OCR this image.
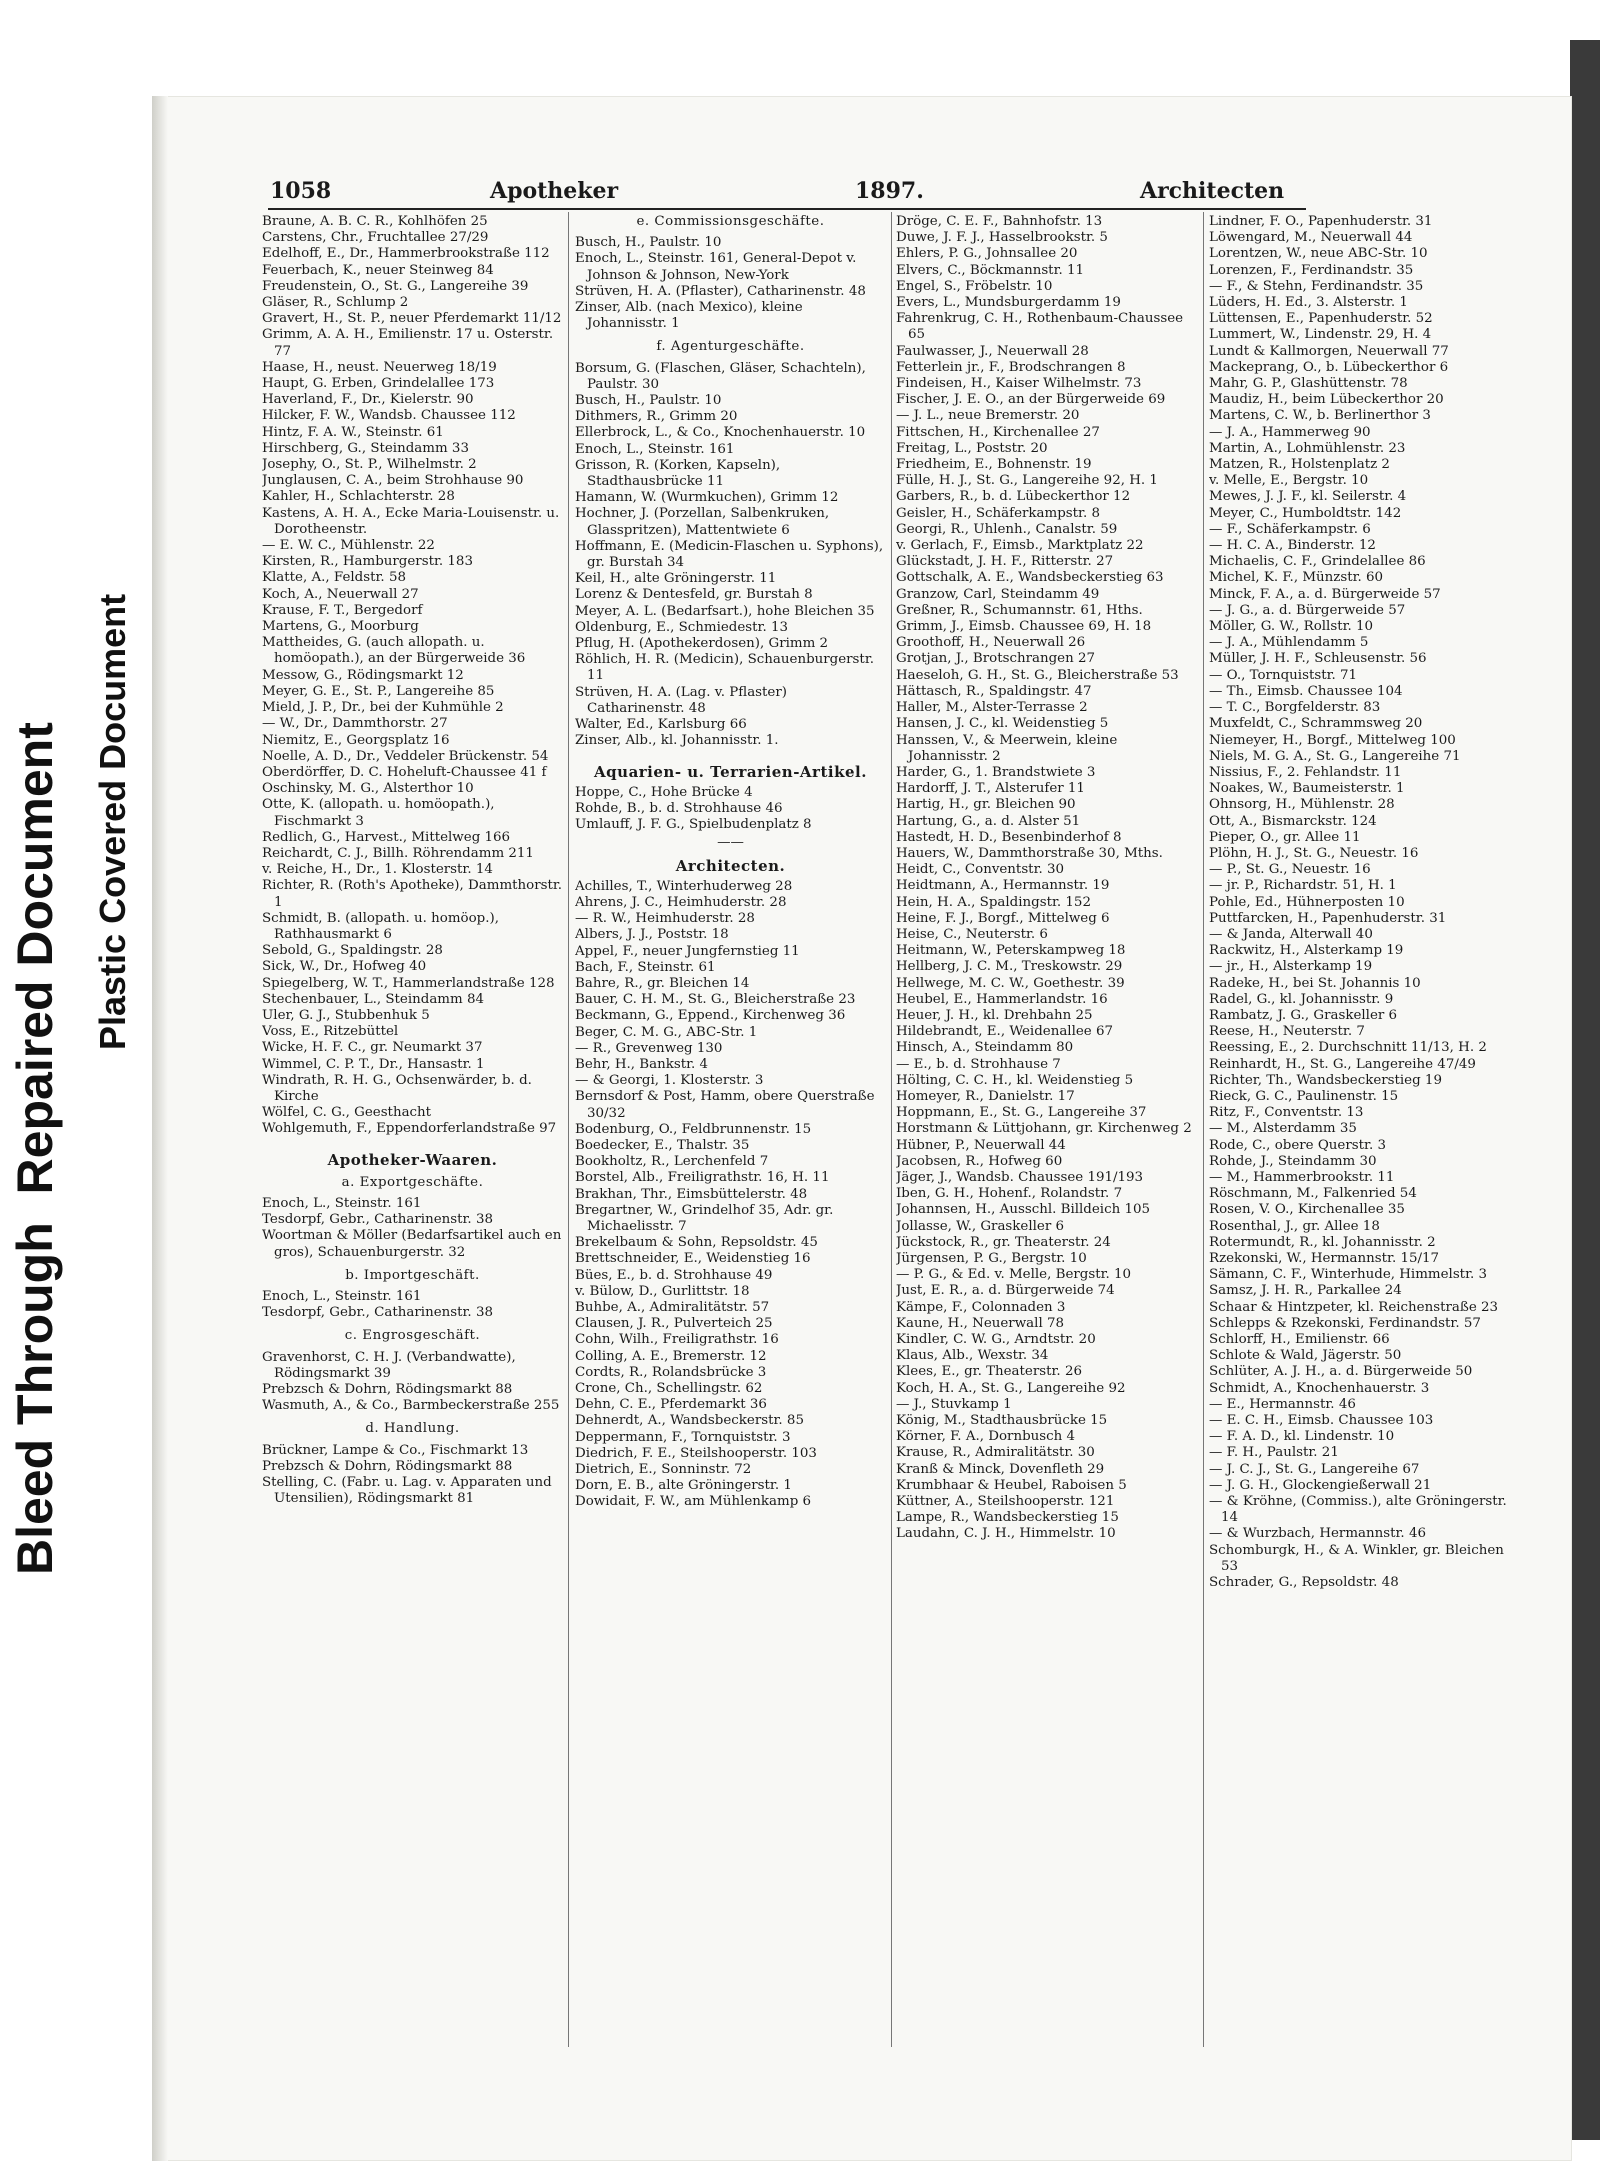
Bleed Through  Repaired Document Plastic Covered Document
1058	Apotheker	1897.	Architecten

Braune, A. B. C. R., Kohlhöfen 25

Carstens, Chr., Fruchtallee 27/29

Edelhoff, E., Dr., Hammerbrookstraße 112

Feuerbach, K., neuer Steinweg 84

Freudenstein, O., St. G., Langereihe 39

Gläser, R., Schlump 2

Gravert, H., St. P., neuer Pferdemarkt 11/12

Grimm, A. A. H., Emilienstr. 17 u. Osterstr. 77

Haase, H., neust. Neuerweg 18/19

Haupt, G. Erben, Grindelallee 173

Haverland, F., Dr., Kielerstr. 90

Hilcker, F. W., Wandsb. Chaussee 112

Hintz, F. A. W., Steinstr. 61

Hirschberg, G., Steindamm 33

Josephy, O., St. P., Wilhelmstr. 2

Junglausen, C. A., beim Strohhause 90

Kahler, H., Schlachterstr. 28

Kastens, A. H. A., Ecke Maria-Louisenstr. u. Dorotheenstr.

— E. W. C., Mühlenstr. 22

Kirsten, R., Hamburgerstr. 183

Klatte, A., Feldstr. 58

Koch, A., Neuerwall 27

Krause, F. T., Bergedorf

Martens, G., Moorburg

Mattheides, G. (auch allopath. u. homöopath.), an der Bürgerweide 36

Messow, G., Rödingsmarkt 12

Meyer, G. E., St. P., Langereihe 85

Mield, J. P., Dr., bei der Kuhmühle 2

— W., Dr., Dammthorstr. 27

Niemitz, E., Georgsplatz 16

Noelle, A. D., Dr., Veddeler Brückenstr. 54

Oberdörffer, D. C. Hoheluft-Chaussee 41 f

Oschinsky, M. G., Alsterthor 10

Otte, K. (allopath. u. homöopath.), Fischmarkt 3

Redlich, G., Harvest., Mittelweg 166

Reichardt, C. J., Billh. Röhrendamm 211

v. Reiche, H., Dr., 1. Klosterstr. 14

Richter, R. (Roth's Apotheke), Dammthorstr. 1

Schmidt, B. (allopath. u. homöop.), Rathhausmarkt 6

Sebold, G., Spaldingstr. 28

Sick, W., Dr., Hofweg 40

Spiegelberg, W. T., Hammerlandstraße 128

Stechenbauer, L., Steindamm 84

Uler, G. J., Stubbenhuk 5

Voss, E., Ritzebüttel

Wicke, H. F. C., gr. Neumarkt 37

Wimmel, C. P. T., Dr., Hansastr. 1

Windrath, R. H. G., Ochsenwärder, b. d. Kirche

Wölfel, C. G., Geesthacht

Wohlgemuth, F., Eppendorferlandstraße 97

Apotheker-Waaren.
a. Exportgeschäfte.

Enoch, L., Steinstr. 161

Tesdorpf, Gebr., Catharinenstr. 38

Woortman & Möller (Bedarfsartikel auch en gros), Schauenburgerstr. 32

b. Importgeschäft.

Enoch, L., Steinstr. 161

Tesdorpf, Gebr., Catharinenstr. 38

c. Engrosgeschäft.

Gravenhorst, C. H. J. (Verbandwatte), Rödingsmarkt 39

Prebzsch & Dohrn, Rödingsmarkt 88

Wasmuth, A., & Co., Barmbeckerstraße 255

d. Handlung.

Brückner, Lampe & Co., Fischmarkt 13

Prebzsch & Dohrn, Rödingsmarkt 88

Stelling, C. (Fabr. u. Lag. v. Apparaten und Utensilien), Rödingsmarkt 81

e. Commissionsgeschäfte.

Busch, H., Paulstr. 10

Enoch, L., Steinstr. 161, General-Depot v. Johnson & Johnson, New-York

Strüven, H. A. (Pflaster), Catharinenstr. 48

Zinser, Alb. (nach Mexico), kleine Johannisstr. 1

f. Agenturgeschäfte.

Borsum, G. (Flaschen, Gläser, Schachteln), Paulstr. 30

Busch, H., Paulstr. 10

Dithmers, R., Grimm 20

Ellerbrock, L., & Co., Knochenhauerstr. 10

Enoch, L., Steinstr. 161

Grisson, R. (Korken, Kapseln), Stadthausbrücke 11

Hamann, W. (Wurmkuchen), Grimm 12

Hochner, J. (Porzellan, Salbenkruken, Glasspritzen), Mattentwiete 6

Hoffmann, E. (Medicin-Flaschen u. Syphons), gr. Burstah 34

Keil, H., alte Gröningerstr. 11

Lorenz & Dentesfeld, gr. Burstah 8

Meyer, A. L. (Bedarfsart.), hohe Bleichen 35

Oldenburg, E., Schmiedestr. 13

Pflug, H. (Apothekerdosen), Grimm 2

Röhlich, H. R. (Medicin), Schauenburgerstr. 11

Strüven, H. A. (Lag. v. Pflaster) Catharinenstr. 48

Walter, Ed., Karlsburg 66

Zinser, Alb., kl. Johannisstr. 1.

Aquarien- u. Terrarien-Artikel.

Hoppe, C., Hohe Brücke 4

Rohde, B., b. d. Strohhause 46

Umlauff, J. F. G., Spielbudenplatz 8

——
Architecten.

Achilles, T., Winterhuderweg 28

Ahrens, J. C., Heimhuderstr. 28

— R. W., Heimhuderstr. 28

Albers, J. J., Poststr. 18

Appel, F., neuer Jungfernstieg 11

Bach, F., Steinstr. 61

Bahre, R., gr. Bleichen 14

Bauer, C. H. M., St. G., Bleicherstraße 23

Beckmann, G., Eppend., Kirchenweg 36

Beger, C. M. G., ABC-Str. 1

— R., Grevenweg 130

Behr, H., Bankstr. 4

— & Georgi, 1. Klosterstr. 3

Bernsdorf & Post, Hamm, obere Querstraße 30/32

Bodenburg, O., Feldbrunnenstr. 15

Boedecker, E., Thalstr. 35

Bookholtz, R., Lerchenfeld 7

Borstel, Alb., Freiligrathstr. 16, H. 11

Brakhan, Thr., Eimsbüttelerstr. 48

Bregartner, W., Grindelhof 35, Adr. gr. Michaelisstr. 7

Brekelbaum & Sohn, Repsoldstr. 45

Brettschneider, E., Weidenstieg 16

Bües, E., b. d. Strohhause 49

v. Bülow, D., Gurlittstr. 18

Buhbe, A., Admiralitätstr. 57

Clausen, J. R., Pulverteich 25

Cohn, Wilh., Freiligrathstr. 16

Colling, A. E., Bremerstr. 12

Cordts, R., Rolandsbrücke 3

Crone, Ch., Schellingstr. 62

Dehn, C. E., Pferdemarkt 36

Dehnerdt, A., Wandsbeckerstr. 85

Deppermann, F., Tornquiststr. 3

Diedrich, F. E., Steilshooperstr. 103

Dietrich, E., Sonninstr. 72

Dorn, E. B., alte Gröningerstr. 1

Dowidait, F. W., am Mühlenkamp 6

Dröge, C. E. F., Bahnhofstr. 13

Duwe, J. F. J., Hasselbrookstr. 5

Ehlers, P. G., Johnsallee 20

Elvers, C., Böckmannstr. 11

Engel, S., Fröbelstr. 10

Evers, L., Mundsburgerdamm 19

Fahrenkrug, C. H., Rothenbaum-Chaussee 65

Faulwasser, J., Neuerwall 28

Fetterlein jr., F., Brodschrangen 8

Findeisen, H., Kaiser Wilhelmstr. 73

Fischer, J. E. O., an der Bürgerweide 69

— J. L., neue Bremerstr. 20

Fittschen, H., Kirchenallee 27

Freitag, L., Poststr. 20

Friedheim, E., Bohnenstr. 19

Fülle, H. J., St. G., Langereihe 92, H. 1

Garbers, R., b. d. Lübeckerthor 12

Geisler, H., Schäferkampstr. 8

Georgi, R., Uhlenh., Canalstr. 59

v. Gerlach, F., Eimsb., Marktplatz 22

Glückstadt, J. H. F., Ritterstr. 27

Gottschalk, A. E., Wandsbeckerstieg 63

Granzow, Carl, Steindamm 49

Greßner, R., Schumannstr. 61, Hths.

Grimm, J., Eimsb. Chaussee 69, H. 18

Groothoff, H., Neuerwall 26

Grotjan, J., Brotschrangen 27

Haeseloh, G. H., St. G., Bleicherstraße 53

Hättasch, R., Spaldingstr. 47

Haller, M., Alster-Terrasse 2

Hansen, J. C., kl. Weidenstieg 5

Hanssen, V., & Meerwein, kleine Johannisstr. 2

Harder, G., 1. Brandstwiete 3

Hardorff, J. T., Alsterufer 11

Hartig, H., gr. Bleichen 90

Hartung, G., a. d. Alster 51

Hastedt, H. D., Besenbinderhof 8

Hauers, W., Dammthorstraße 30, Mths.

Heidt, C., Conventstr. 30

Heidtmann, A., Hermannstr. 19

Hein, H. A., Spaldingstr. 152

Heine, F. J., Borgf., Mittelweg 6

Heise, C., Neuterstr. 6

Heitmann, W., Peterskampweg 18

Hellberg, J. C. M., Treskowstr. 29

Hellwege, M. C. W., Goethestr. 39

Heubel, E., Hammerlandstr. 16

Heuer, J. H., kl. Drehbahn 25

Hildebrandt, E., Weidenallee 67

Hinsch, A., Steindamm 80

— E., b. d. Strohhause 7

Hölting, C. C. H., kl. Weidenstieg 5

Homeyer, R., Danielstr. 17

Hoppmann, E., St. G., Langereihe 37

Horstmann & Lüttjohann, gr. Kirchenweg 2

Hübner, P., Neuerwall 44

Jacobsen, R., Hofweg 60

Jäger, J., Wandsb. Chaussee 191/193

Iben, G. H., Hohenf., Rolandstr. 7

Johannsen, H., Ausschl. Billdeich 105

Jollasse, W., Graskeller 6

Jückstock, R., gr. Theaterstr. 24

Jürgensen, P. G., Bergstr. 10

— P. G., & Ed. v. Melle, Bergstr. 10

Just, E. R., a. d. Bürgerweide 74

Kämpe, F., Colonnaden 3

Kaune, H., Neuerwall 78

Kindler, C. W. G., Arndtstr. 20

Klaus, Alb., Wexstr. 34

Klees, E., gr. Theaterstr. 26

Koch, H. A., St. G., Langereihe 92

— J., Stuvkamp 1

König, M., Stadthausbrücke 15

Körner, F. A., Dornbusch 4

Krause, R., Admiralitätstr. 30

Kranß & Minck, Dovenfleth 29

Krumbhaar & Heubel, Raboisen 5

Küttner, A., Steilshooperstr. 121

Lampe, R., Wandsbeckerstieg 15

Laudahn, C. J. H., Himmelstr. 10

Lindner, F. O., Papenhuderstr. 31

Löwengard, M., Neuerwall 44

Lorentzen, W., neue ABC-Str. 10

Lorenzen, F., Ferdinandstr. 35

— F., & Stehn, Ferdinandstr. 35

Lüders, H. Ed., 3. Alsterstr. 1

Lüttensen, E., Papenhuderstr. 52

Lummert, W., Lindenstr. 29, H. 4

Lundt & Kallmorgen, Neuerwall 77

Mackeprang, O., b. Lübeckerthor 6

Mahr, G. P., Glashüttenstr. 78

Maudiz, H., beim Lübeckerthor 20

Martens, C. W., b. Berlinerthor 3

— J. A., Hammerweg 90

Martin, A., Lohmühlenstr. 23

Matzen, R., Holstenplatz 2

v. Melle, E., Bergstr. 10

Mewes, J. J. F., kl. Seilerstr. 4

Meyer, C., Humboldtstr. 142

— F., Schäferkampstr. 6

— H. C. A., Binderstr. 12

Michaelis, C. F., Grindelallee 86

Michel, K. F., Münzstr. 60

Minck, F. A., a. d. Bürgerweide 57

— J. G., a. d. Bürgerweide 57

Möller, G. W., Rollstr. 10

— J. A., Mühlendamm 5

Müller, J. H. F., Schleusenstr. 56

— O., Tornquiststr. 71

— Th., Eimsb. Chaussee 104

— T. C., Borgfelderstr. 83

Muxfeldt, C., Schrammsweg 20

Niemeyer, H., Borgf., Mittelweg 100

Niels, M. G. A., St. G., Langereihe 71

Nissius, F., 2. Fehlandstr. 11

Noakes, W., Baumeisterstr. 1

Ohnsorg, H., Mühlenstr. 28

Ott, A., Bismarckstr. 124

Pieper, O., gr. Allee 11

Plöhn, H. J., St. G., Neuestr. 16

— P., St. G., Neuestr. 16

— jr. P., Richardstr. 51, H. 1

Pohle, Ed., Hühnerposten 10

Puttfarcken, H., Papenhuderstr. 31

— & Janda, Alterwall 40

Rackwitz, H., Alsterkamp 19

— jr., H., Alsterkamp 19

Radeke, H., bei St. Johannis 10

Radel, G., kl. Johannisstr. 9

Rambatz, J. G., Graskeller 6

Reese, H., Neuterstr. 7

Reessing, E., 2. Durchschnitt 11/13, H. 2

Reinhardt, H., St. G., Langereihe 47/49

Richter, Th., Wandsbeckerstieg 19

Rieck, G. C., Paulinenstr. 15

Ritz, F., Conventstr. 13

— M., Alsterdamm 35

Rode, C., obere Querstr. 3

Rohde, J., Steindamm 30

— M., Hammerbrookstr. 11

Röschmann, M., Falkenried 54

Rosen, V. O., Kirchenallee 35

Rosenthal, J., gr. Allee 18

Rotermundt, R., kl. Johannisstr. 2

Rzekonski, W., Hermannstr. 15/17

Sämann, C. F., Winterhude, Himmelstr. 3

Samsz, J. H. R., Parkallee 24

Schaar & Hintzpeter, kl. Reichenstraße 23

Schlepps & Rzekonski, Ferdinandstr. 57

Schlorff, H., Emilienstr. 66

Schlote & Wald, Jägerstr. 50

Schlüter, A. J. H., a. d. Bürgerweide 50

Schmidt, A., Knochenhauerstr. 3

— E., Hermannstr. 46

— E. C. H., Eimsb. Chaussee 103

— F. A. D., kl. Lindenstr. 10

— F. H., Paulstr. 21

— J. C. J., St. G., Langereihe 67

— J. G. H., Glockengießerwall 21

— & Kröhne, (Commiss.), alte Gröningerstr. 14

— & Wurzbach, Hermannstr. 46

Schomburgk, H., & A. Winkler, gr. Bleichen 53

Schrader, G., Repsoldstr. 48
